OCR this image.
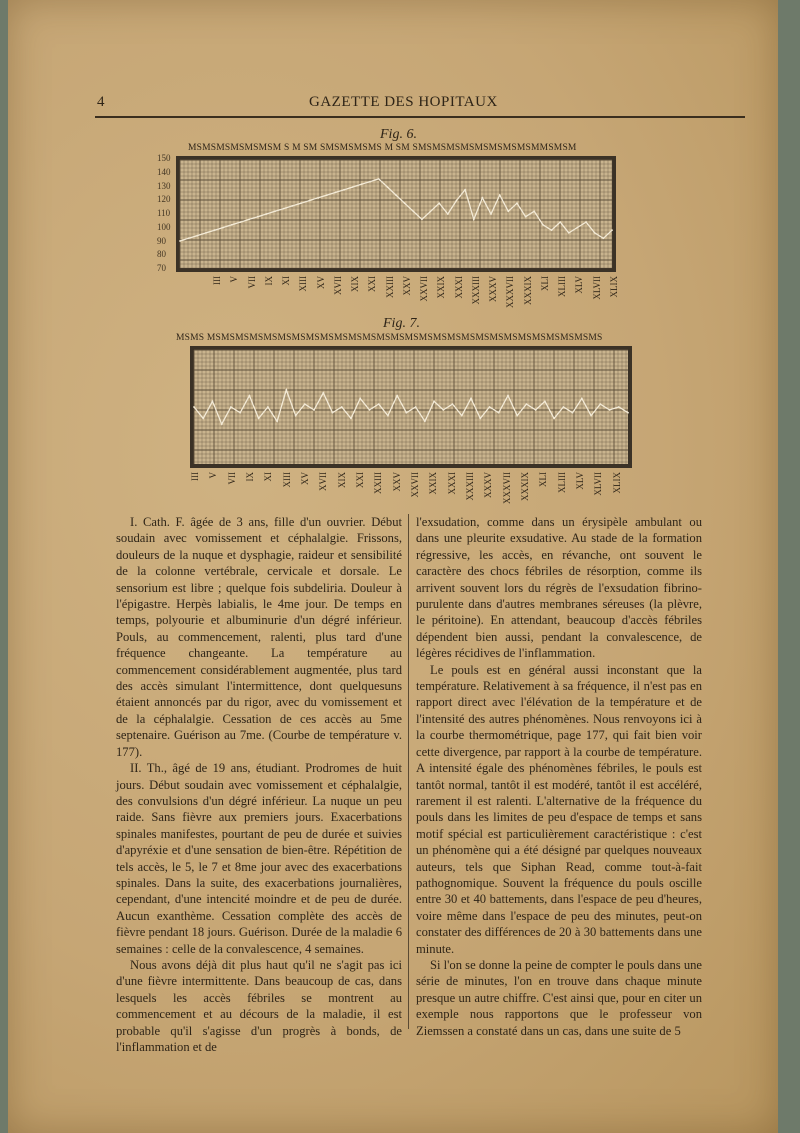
4	GAZETTE DES HOPITAUX
Fig. 6.
MSMSMSMSMSMSM S M SM SMSMSMSMS M SM SMSMSMSMSMSMSMSMSMMSMSM
150
140
130
120
110
100
90
80
70
III V VII IX XI XIII XV XVII XIX XXI XXIII XXV XXVII XXIX XXXI XXXIII XXXV XXXVII XXXIX XLI XLIII XLV XLVII XLIX
Fig. 7.
MSMS MSMSMSMSMSMSMSMSMSMSMSMSMSMSMSMSMSMSMSMSMSMSMSMSMSMSMSMS
III V VII IX XI XIII XV XVII XIX XXI XXIII XXV XXVII XXIX XXXI XXXIII XXXV XXXVII XXXIX XLI XLIII XLV XLVII XLIX

I. Cath. F. âgée de 3 ans, fille d'un ouvrier. Début soudain avec vomissement et céphalalgie. Frissons, douleurs de la nuque et dysphagie, raideur et sensibilité de la colonne vertébrale, cervicale et dorsale. Le sensorium est libre ; quelque fois subdeliria. Douleur à l'épigastre. Herpès labialis, le 4me jour. De temps en temps, polyourie et albuminurie d'un dégré inférieur. Pouls, au commencement, ralenti, plus tard d'une fréquence changeante. La température au commencement considérablement augmentée, plus tard des accès simulant l'intermittence, dont quelquesuns étaient annoncés par du rigor, avec du vomissement et de la céphalalgie. Cessation de ces accès au 5me septenaire. Guérison au 7me. (Courbe de température v. 177).

II. Th., âgé de 19 ans, étudiant. Prodromes de huit jours. Début soudain avec vomissement et céphalalgie, des convulsions d'un dégré inférieur. La nuque un peu raide. Sans fièvre aux premiers jours. Exacerbations spinales manifestes, pourtant de peu de durée et suivies d'apyréxie et d'une sensation de bien-être. Répétition de tels accès, le 5, le 7 et 8me jour avec des exacerbations spinales. Dans la suite, des exacerbations journalières, cependant, d'une intencité moindre et de peu de durée. Aucun exanthème. Cessation complète des accès de fièvre pendant 18 jours. Guérison. Durée de la maladie 6 semaines : celle de la convalescence, 4 semaines.

Nous avons déjà dit plus haut qu'il ne s'agit pas ici d'une fièvre intermittente. Dans beaucoup de cas, dans lesquels les accès fébriles se montrent au commencement et au décours de la maladie, il est probable qu'il s'agisse d'un progrès à bonds, de l'inflammation et de

l'exsudation, comme dans un érysipèle ambulant ou dans une pleurite exsudative. Au stade de la formation régressive, les accès, en révanche, ont souvent le caractère des chocs fébriles de résorption, comme ils arrivent souvent lors du régrès de l'exsudation fibrino-purulente dans d'autres membranes séreuses (la plèvre, le péritoine). En attendant, beaucoup d'accès fébriles dépendent bien aussi, pendant la convalescence, de légères récidives de l'inflammation.

Le pouls est en général aussi inconstant que la température. Relativement à sa fréquence, il n'est pas en rapport direct avec l'élévation de la température et de l'intensité des autres phénomènes. Nous renvoyons ici à la courbe thermométrique, page 177, qui fait bien voir cette divergence, par rapport à la courbe de température. A intensité égale des phénomènes fébriles, le pouls est tantôt normal, tantôt il est modéré, tantôt il est accéléré, rarement il est ralenti. L'alternative de la fréquence du pouls dans les limites de peu d'espace de temps et sans motif spécial est particulièrement caractéristique : c'est un phénomène qui a été désigné par quelques nouveaux auteurs, tels que Siphan Read, comme tout-à-fait pathognomique. Souvent la fréquence du pouls oscille entre 30 et 40 battements, dans l'espace de peu d'heures, voire même dans l'espace de peu des minutes, peut-on constater des différences de 20 à 30 battements dans une minute.

Si l'on se donne la peine de compter le pouls dans une série de minutes, l'on en trouve dans chaque minute presque un autre chiffre. C'est ainsi que, pour en citer un exemple nous rapportons que le professeur von Ziemssen a constaté dans un cas, dans une suite de 5
